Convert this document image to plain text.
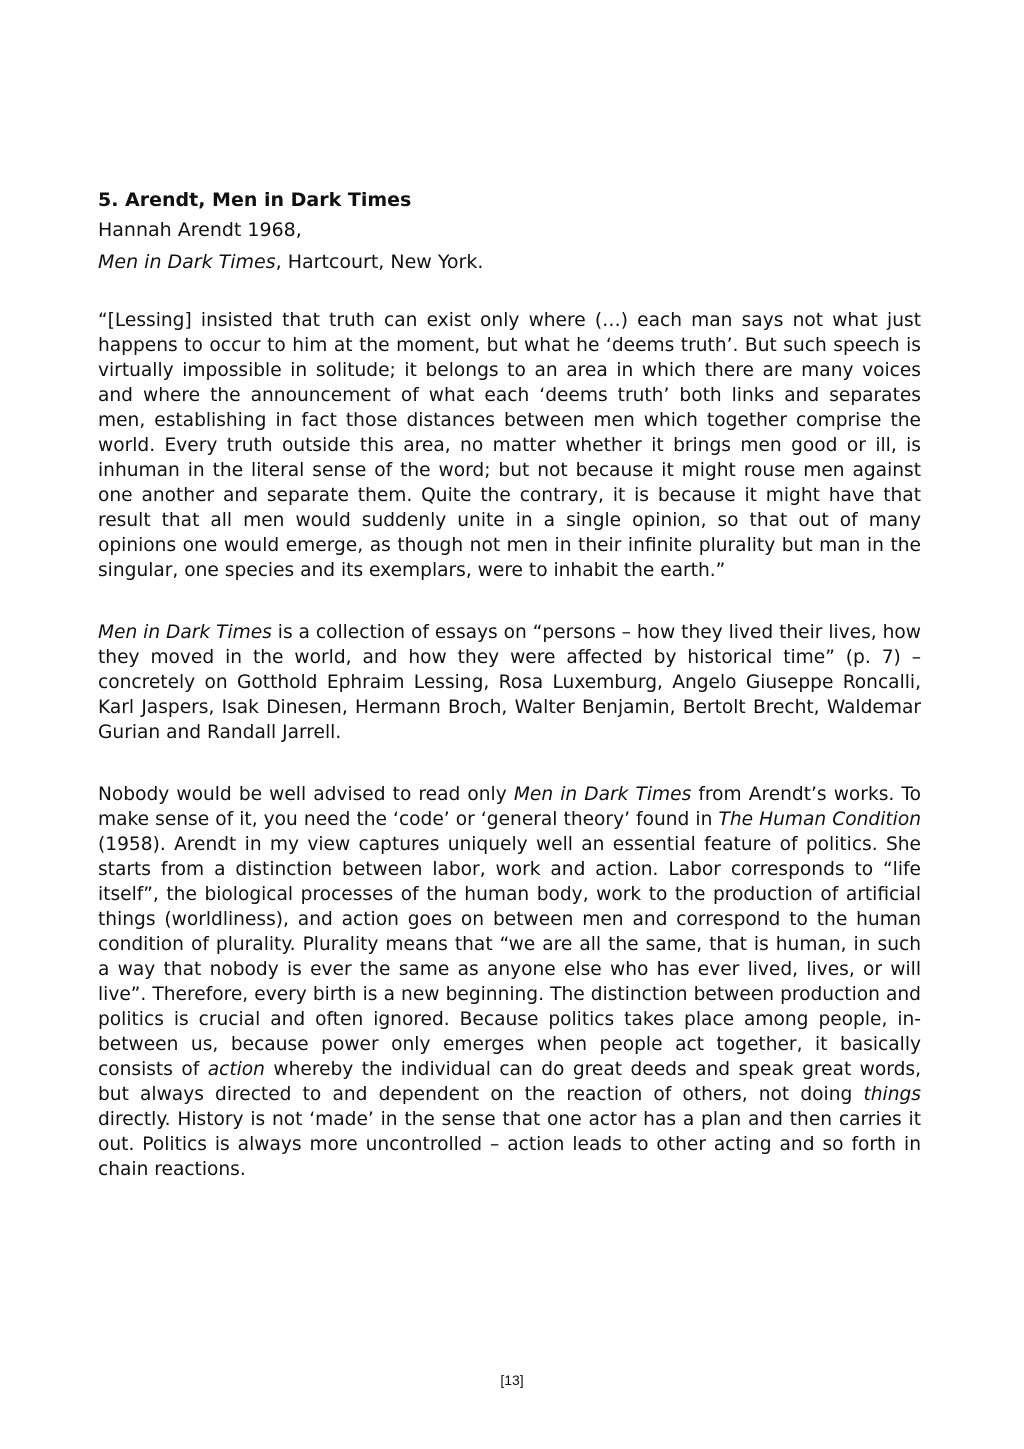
5. Arendt, Men in Dark Times

Hannah Arendt 1968,

Men in Dark Times, Hartcourt, New York.

“[Lessing] insisted that truth can exist only where (…) each man says not what just happens to occur to him at the moment, but what he ‘deems truth’. But such speech is virtually impossible in solitude; it belongs to an area in which there are many voices and where the announcement of what each ‘deems truth’ both links and separates men, establishing in fact those distances between men which together comprise the world. Every truth outside this area, no matter whether it brings men good or ill, is inhuman in the literal sense of the word; but not because it might rouse men against one another and separate them. Quite the contrary, it is because it might have that result that all men would suddenly unite in a single opinion, so that out of many opinions one would emerge, as though not men in their infinite plurality but man in the singular, one species and its exemplars, were to inhabit the earth.”

Men in Dark Times is a collection of essays on “persons – how they lived their lives, how they moved in the world, and how they were affected by historical time” (p. 7) – concretely on Gotthold Ephraim Lessing, Rosa Luxemburg, Angelo Giuseppe Roncalli, Karl Jaspers, Isak Dinesen, Hermann Broch, Walter Benjamin, Bertolt Brecht, Waldemar Gurian and Randall Jarrell.

Nobody would be well advised to read only Men in Dark Times from Arendt’s works. To make sense of it, you need the ‘code’ or ‘general theory’ found in The Human Condition (1958). Arendt in my view captures uniquely well an essential feature of politics. She starts from a distinction between labor, work and action. Labor corresponds to “life itself”, the biological processes of the human body, work to the production of artificial things (worldliness), and action goes on between men and correspond to the human condition of plurality. Plurality means that “we are all the same, that is human, in such a way that nobody is ever the same as anyone else who has ever lived, lives, or will live”. Therefore, every birth is a new beginning. The distinction between production and politics is crucial and often ignored. Because politics takes place among people, in-between us, because power only emerges when people act together, it basically consists of action whereby the individual can do great deeds and speak great words, but always directed to and dependent on the reaction of others, not doing things directly. History is not ‘made’ in the sense that one actor has a plan and then carries it out. Politics is always more uncontrolled – action leads to other acting and so forth in chain reactions.

[13]
